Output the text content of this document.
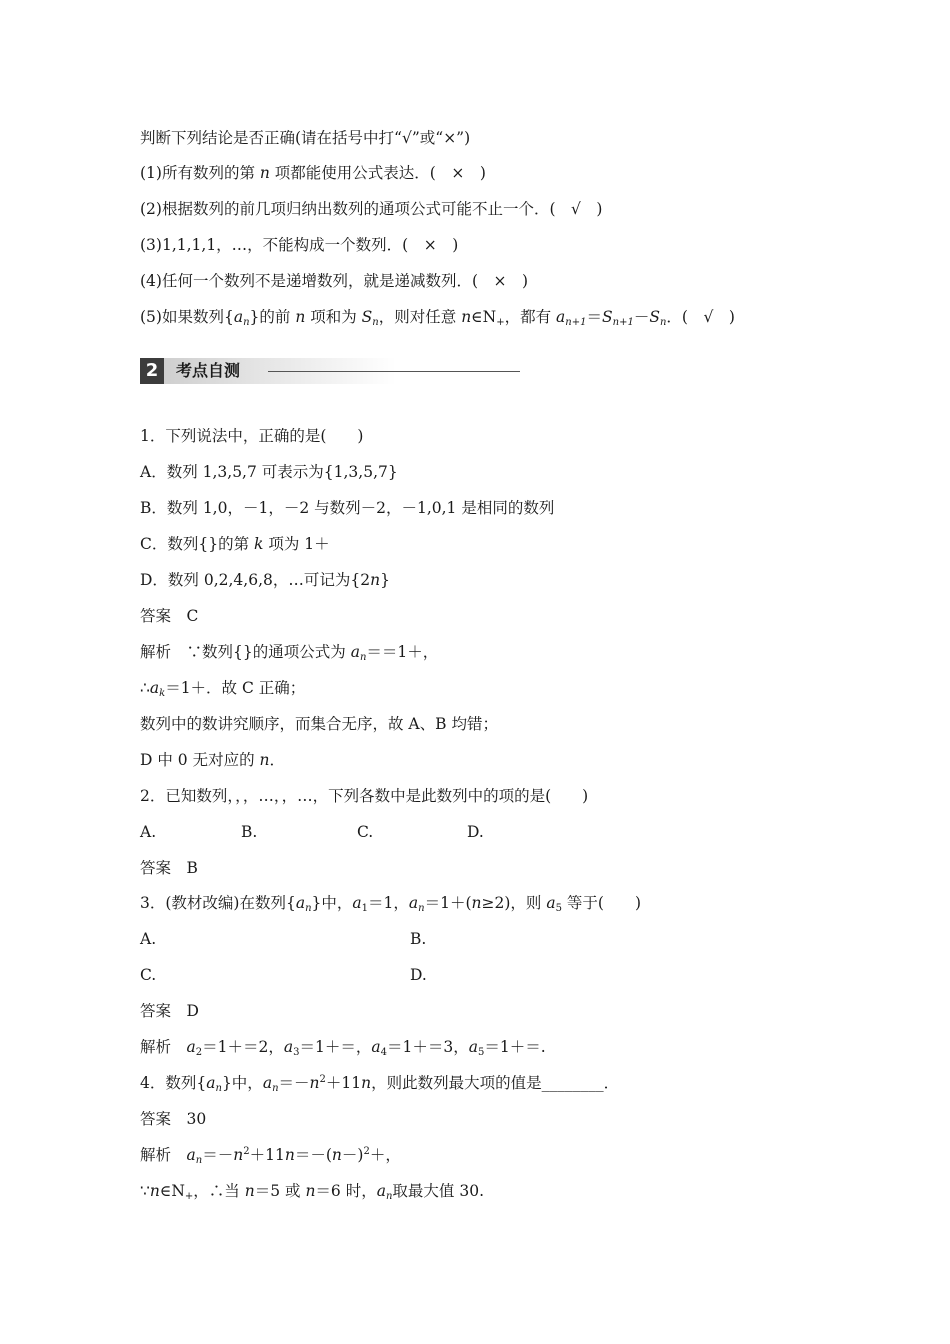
判断下列结论是否正确(请在括号中打“√”或“×”)

(1)所有数列的第 n 项都能使用公式表达．(　×　)

(2)根据数列的前几项归纳出数列的通项公式可能不止一个．(　√　)

(3)1,1,1,1，…，不能构成一个数列．(　×　)

(4)任何一个数列不是递增数列，就是递减数列．(　×　)

(5)如果数列$\{a_n\}$的前 n 项和为 $S_n$，则对任意 $n\in N_+$，都有 $a_{n+1}=S_{n+1}-S_n$．(　√　)

2	考点自测

1．下列说法中，正确的是(　　)

A．数列 1,3,5,7 可表示为{1,3,5,7}

B．数列 1,0，－1，－2 与数列－2，－1,0,1 是相同的数列

C．数列{}的第 k 项为 1＋

D．数列 0,2,4,6,8，…可记为{2n}

答案　 C

解析　 ∵数列{}的通项公式为 $a_n==1+$，

$\therefore a_k=1+$．故 C 正确；

数列中的数讲究顺序，而集合无序，故 A、B 均错；

D 中 0 无对应的 n．

2．已知数列，，，…，，…，下列各数中是此数列中的项的是(　　)

A.	B.	C.	D.

答案　 B

3．(教材改编)在数列$\{a_n\}$中，$a_1=1$，$a_n=1+(n\ge 2)$，则 $a_5$ 等于(　　)

A.	B.

C.	D.

答案　 D

解析　 $a_2=1+=2$，$a_3=1+=$，$a_4=1+=3$，$a_5=1+=$.

4．数列$\{a_n\}$中，$a_n=-n^2+11n$，则此数列最大项的值是________．

答案　 30

解析　 $a_n=-n^2+11n=-(n-)^2+$，

$\because n\in N_+$，∴当 n＝5 或 n＝6 时，$a_n$取最大值 30.
